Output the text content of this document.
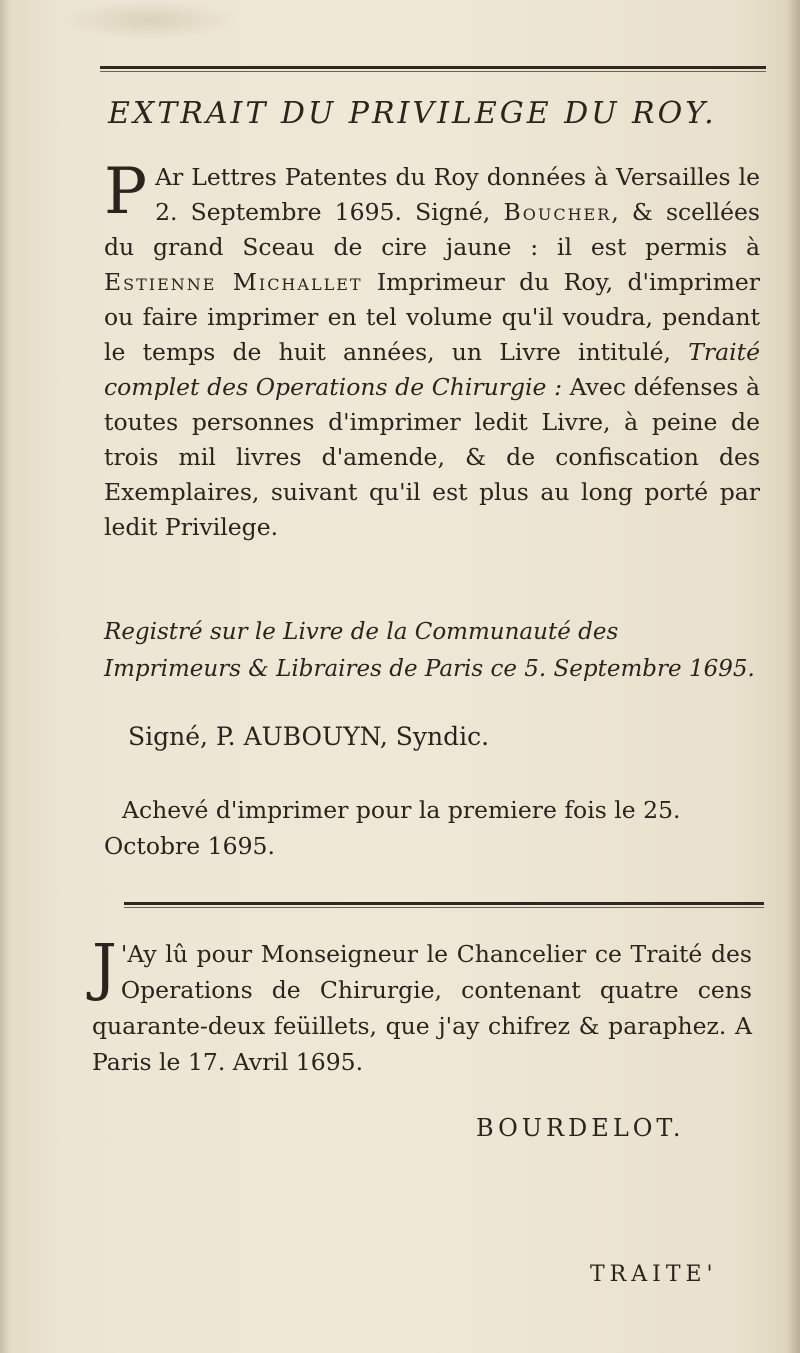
EXTRAIT DU PRIVILEGE DU ROY.

P Ar Lettres Patentes du Roy données à Versailles le 2. Septembre 1695. Signé, Boucher, & scellées du grand Sceau de cire jaune : il est permis à Estienne Michallet Imprimeur du Roy, d'imprimer ou faire imprimer en tel volume qu'il voudra, pendant le temps de huit années, un Livre intitulé, Traité complet des Operations de Chirurgie : Avec défenses à toutes personnes d'imprimer ledit Livre, à peine de trois mil livres d'amende, & de confiscation des Exemplaires, suivant qu'il est plus au long porté par ledit Privilege.

Registré sur le Livre de la Communauté des Imprimeurs & Libraires de Paris ce 5. Septembre 1695.

Signé, P. AUBOUYN, Syndic.

Achevé d'imprimer pour la premiere fois le 25. Octobre 1695.

J 'Ay lû pour Monseigneur le Chancelier ce Traité des Operations de Chirurgie, contenant quatre cens quarante-deux feüillets, que j'ay chifrez & paraphez. A Paris le 17. Avril 1695.

BOURDELOT.

TRAITE'
